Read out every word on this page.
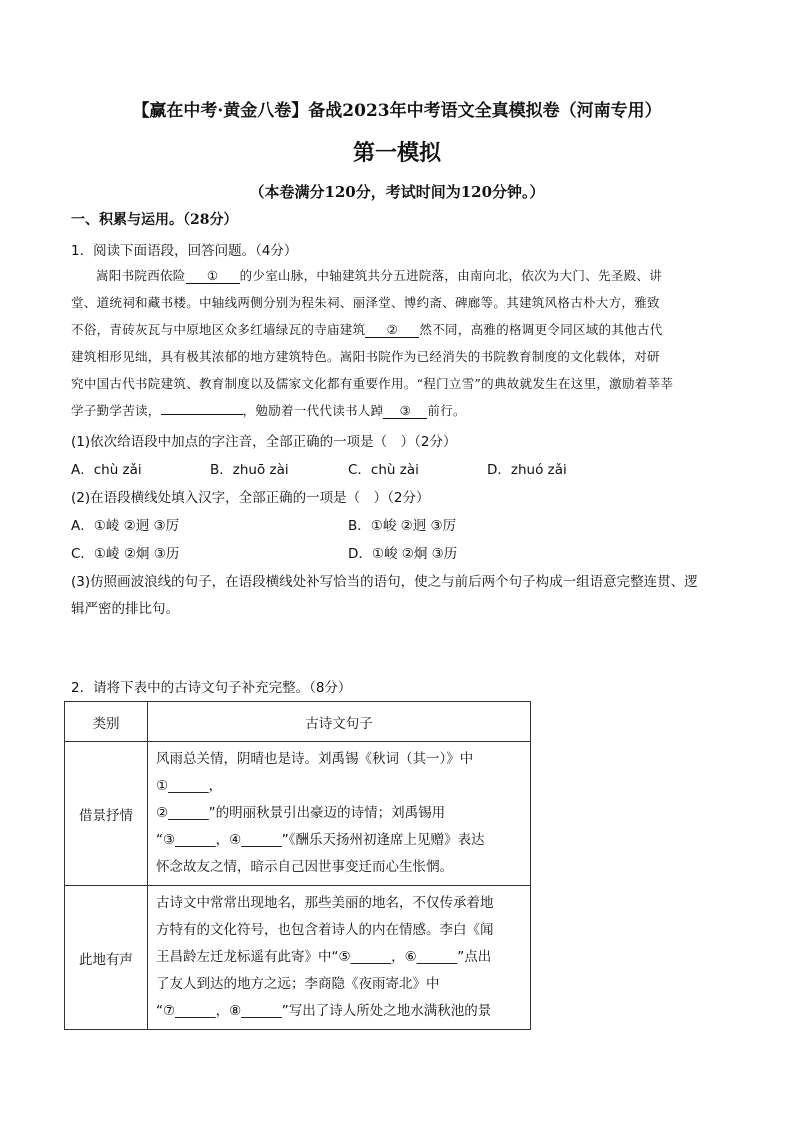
【赢在中考·黄金八卷】备战2023年中考语文全真模拟卷（河南专用）
第一模拟
（本卷满分120分，考试时间为120分钟。）
一、积累与运用。（28分）
1．阅读下面语段，回答问题。（4分）
嵩阳书院西依险 ① 的少室山脉，中轴建筑共分五进院落，由南向北，依次为大门、先圣殿、讲
堂、道统祠和藏书楼。中轴线两侧分别为程朱祠、丽泽堂、博约斋、碑廊等。其建筑风格古朴大方，雅致
不俗，青砖灰瓦与中原地区众多红墙绿瓦的寺庙建筑 ② 然不同，高雅的格调更令同区域的其他古代
建筑相形见绌，具有极其浓郁的地方建筑特色。嵩阳书院作为已经消失的书院教育制度的文化载体，对研
究中国古代书院建筑、教育制度以及儒家文化都有重要作用。“程门立雪”的典故就发生在这里，激励着莘莘
学子勤学苦读，	，勉励着一代代读书人踔 ③ 前行。
(1)依次给语段中加点的字注音，全部正确的一项是（　）（2分）
A．chù zǎi	B．zhuō zài	C．chù zài	D．zhuó zǎi
(2)在语段横线处填入汉字，全部正确的一项是（　）（2分）
A．①崚 ②迥 ③厉	B．①峻 ②迥 ③厉
C．①崚 ②炯 ③历	D．①峻 ②炯 ③历
(3)仿照画波浪线的句子，在语段横线处补写恰当的语句，使之与前后两个句子构成一组语意完整连贯、逻
辑严密的排比句。
2．请将下表中的古诗文句子补充完整。（8分）
类别	古诗文句子
借景抒情	风雨总关情，阴晴也是诗。刘禹锡《秋词（其一）》中①______，
②______”的明丽秋景引出豪迈的诗情；刘禹锡用
“③______，④______”《酬乐天扬州初逢席上见赠》表达
怀念故友之情，暗示自己因世事变迁而心生怅惘。

此地有声	古诗文中常常出现地名，那些美丽的地名，不仅传承着地
方特有的文化符号，也包含着诗人的内在情感。李白《闻
王昌龄左迁龙标遥有此寄》中“⑤______，⑥______”点出
了友人到达的地方之远；李商隐《夜雨寄北》中
“⑦______，⑧______”写出了诗人所处之地水满秋池的景
